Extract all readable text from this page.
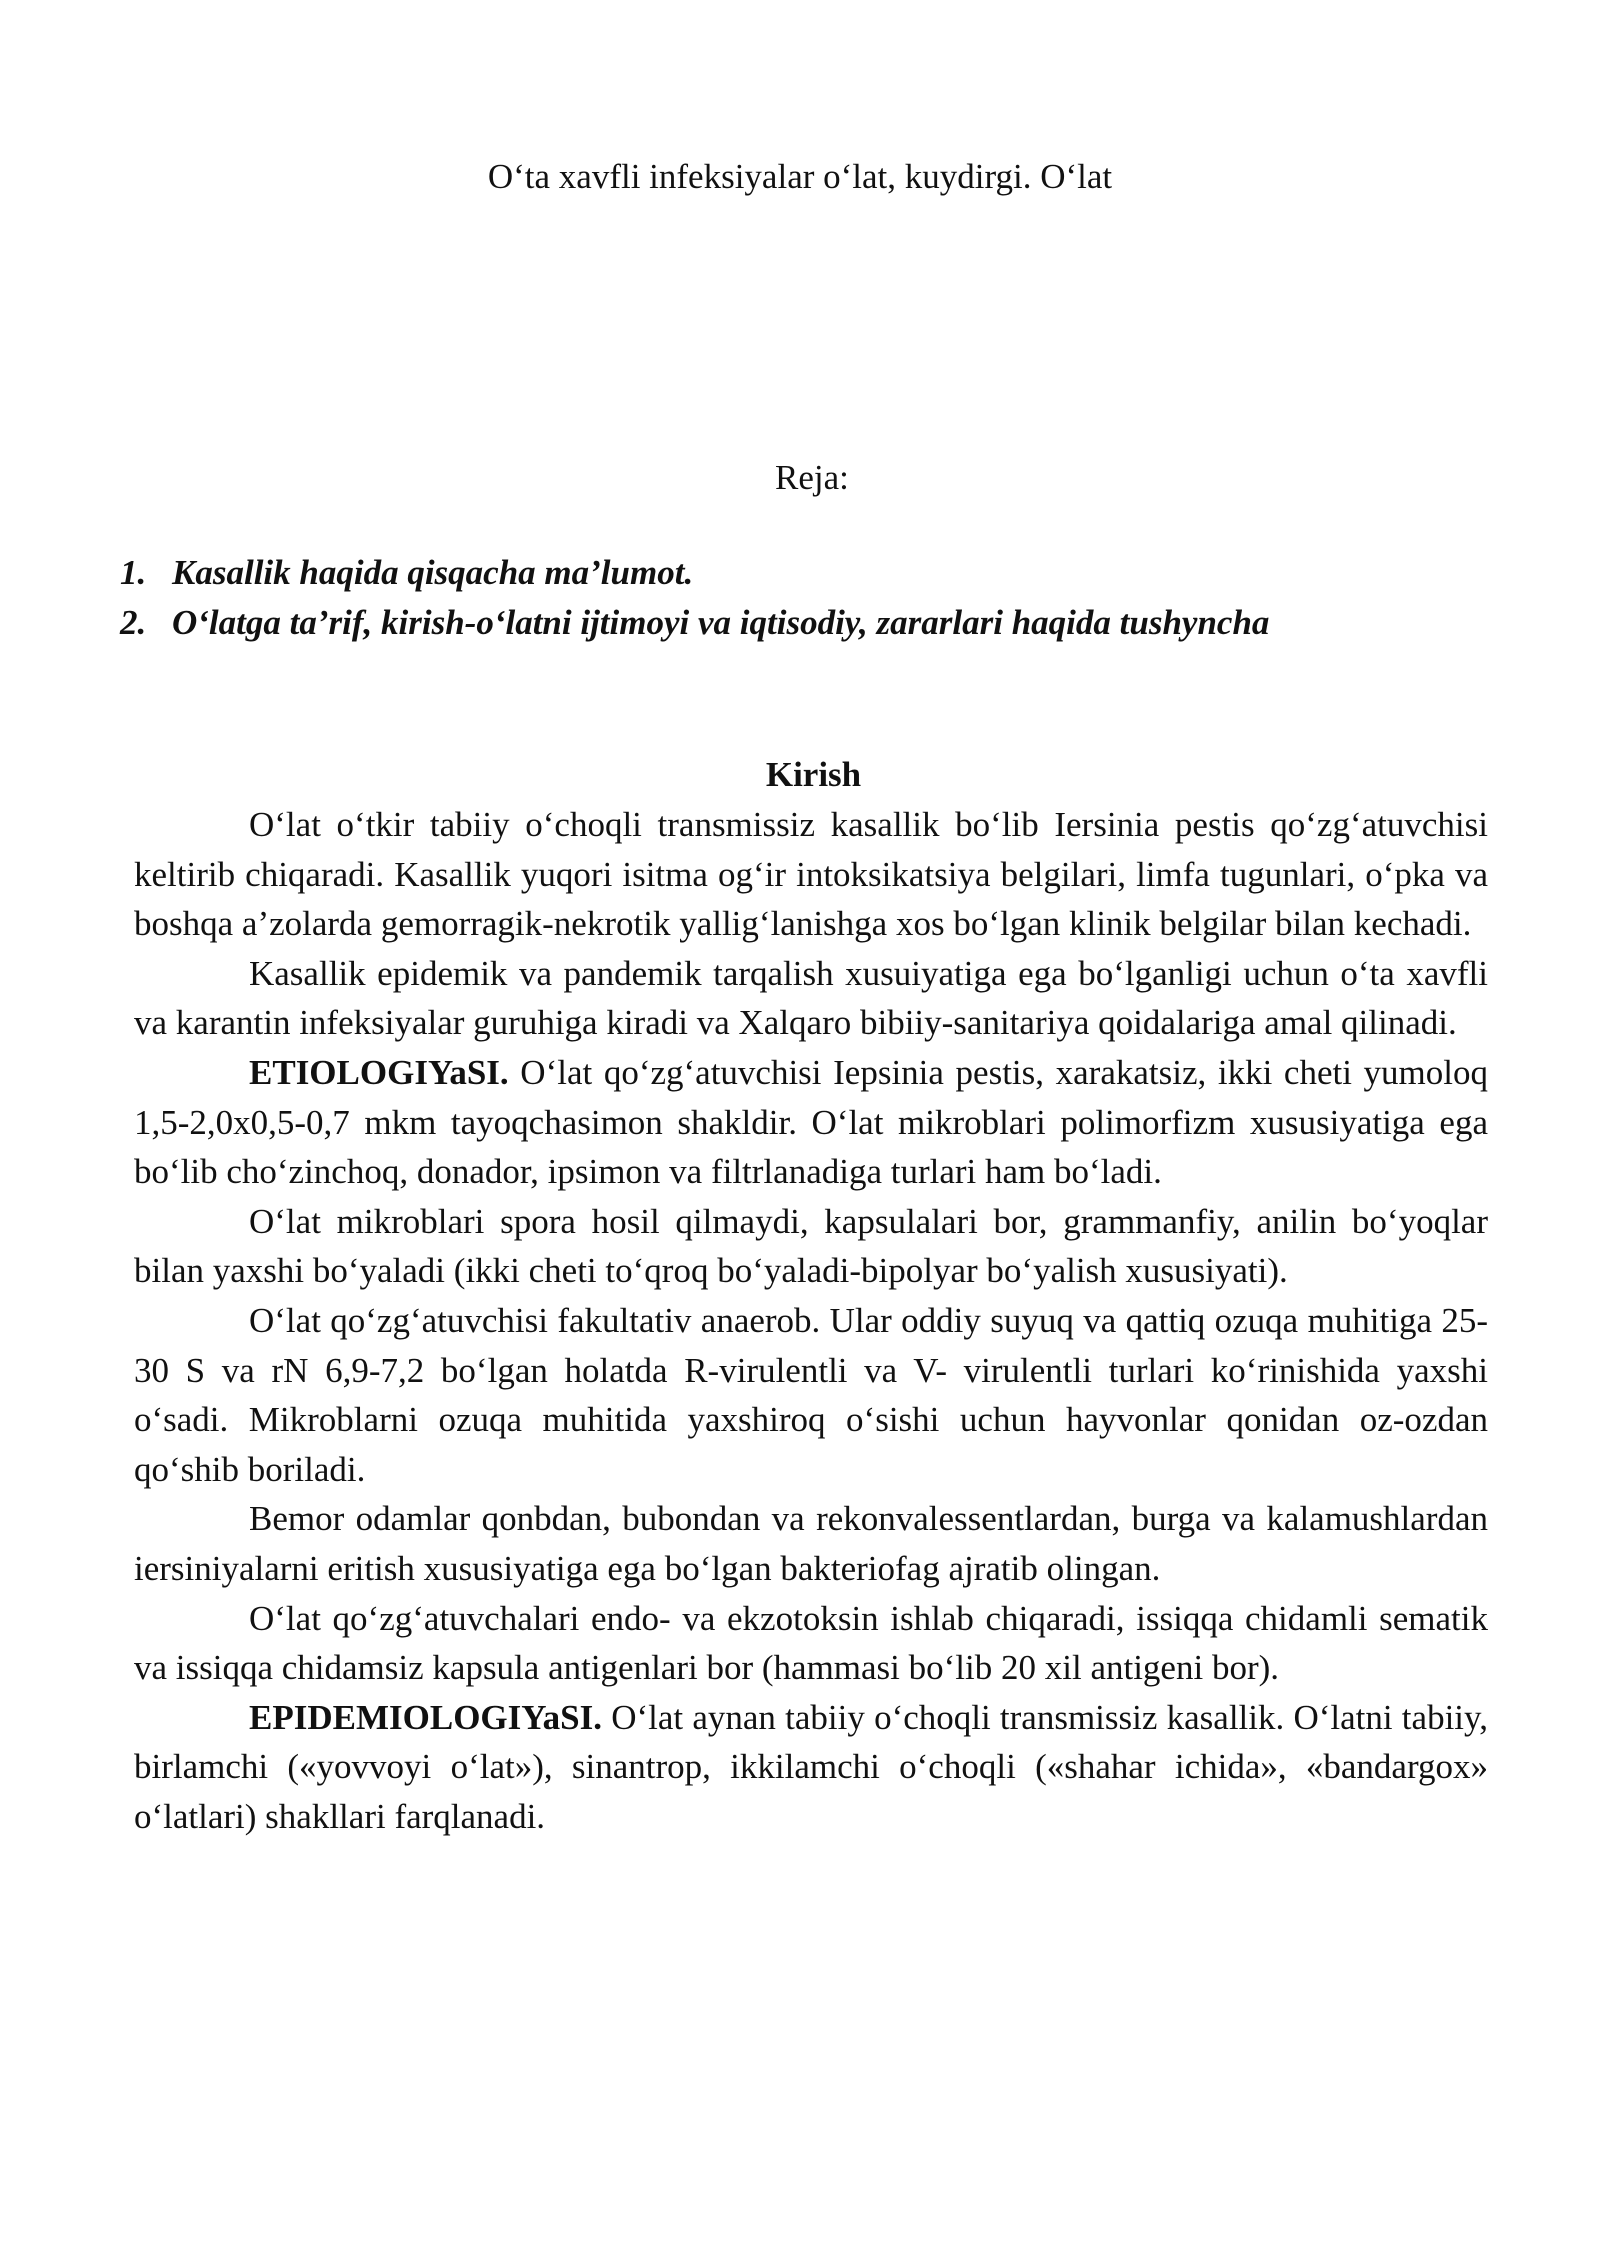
O‘ta xavfli infeksiyalar o‘lat, kuydirgi. O‘lat
Reja:
1. Kasallik haqida qisqacha ma’lumot.
2. O‘latga ta’rif, kirish-o‘latni ijtimoyi va iqtisodiy, zararlari haqida tushyncha
Kirish

O‘lat o‘tkir tabiiy o‘choqli transmissiz kasallik bo‘lib Iersinia pestis qo‘zg‘atuvchisi keltirib chiqaradi. Kasallik yuqori isitma og‘ir intoksikatsiya belgilari, limfa tugunlari, o‘pka va boshqa a’zolarda gemorragik-nekrotik yallig‘lanishga xos bo‘lgan klinik belgilar bilan kechadi.

Kasallik epidemik va pandemik tarqalish xusuiyatiga ega bo‘lganligi uchun o‘ta xavfli va karantin infeksiyalar guruhiga kiradi va Xalqaro bibiiy-sanitariya qoidalariga amal qilinadi.

ETIOLOGIYaSI. O‘lat qo‘zg‘atuvchisi Iepsinia pestis, xarakatsiz, ikki cheti yumoloq 1,5-2,0x0,5-0,7 mkm tayoqchasimon shakldir. O‘lat mikroblari polimorfizm xususiyatiga ega bo‘lib cho‘zinchoq, donador, ipsimon va filtrlanadiga turlari ham bo‘ladi.

O‘lat mikroblari spora hosil qilmaydi, kapsulalari bor, grammanfiy, anilin bo‘yoqlar bilan yaxshi bo‘yaladi (ikki cheti to‘qroq bo‘yaladi-bipolyar bo‘yalish xususiyati).

O‘lat qo‘zg‘atuvchisi fakultativ anaerob. Ular oddiy suyuq va qattiq ozuqa muhitiga 25-30 S va rN 6,9-7,2 bo‘lgan holatda R-virulentli va V- virulentli turlari ko‘rinishida yaxshi o‘sadi. Mikroblarni ozuqa muhitida yaxshiroq o‘sishi uchun hayvonlar qonidan oz-ozdan qo‘shib boriladi.

Bemor odamlar qonbdan, bubondan va rekonvalessentlardan, burga va kalamushlardan iersiniyalarni eritish xususiyatiga ega bo‘lgan bakteriofag ajratib olingan.

O‘lat qo‘zg‘atuvchalari endo- va ekzotoksin ishlab chiqaradi, issiqqa chidamli sematik va issiqqa chidamsiz kapsula antigenlari bor (hammasi bo‘lib 20 xil antigeni bor).

EPIDEMIOLOGIYaSI. O‘lat aynan tabiiy o‘choqli transmissiz kasallik. O‘latni tabiiy, birlamchi («yovvoyi o‘lat»), sinantrop, ikkilamchi o‘choqli («shahar ichida», «bandargox» o‘latlari) shakllari farqlanadi.
